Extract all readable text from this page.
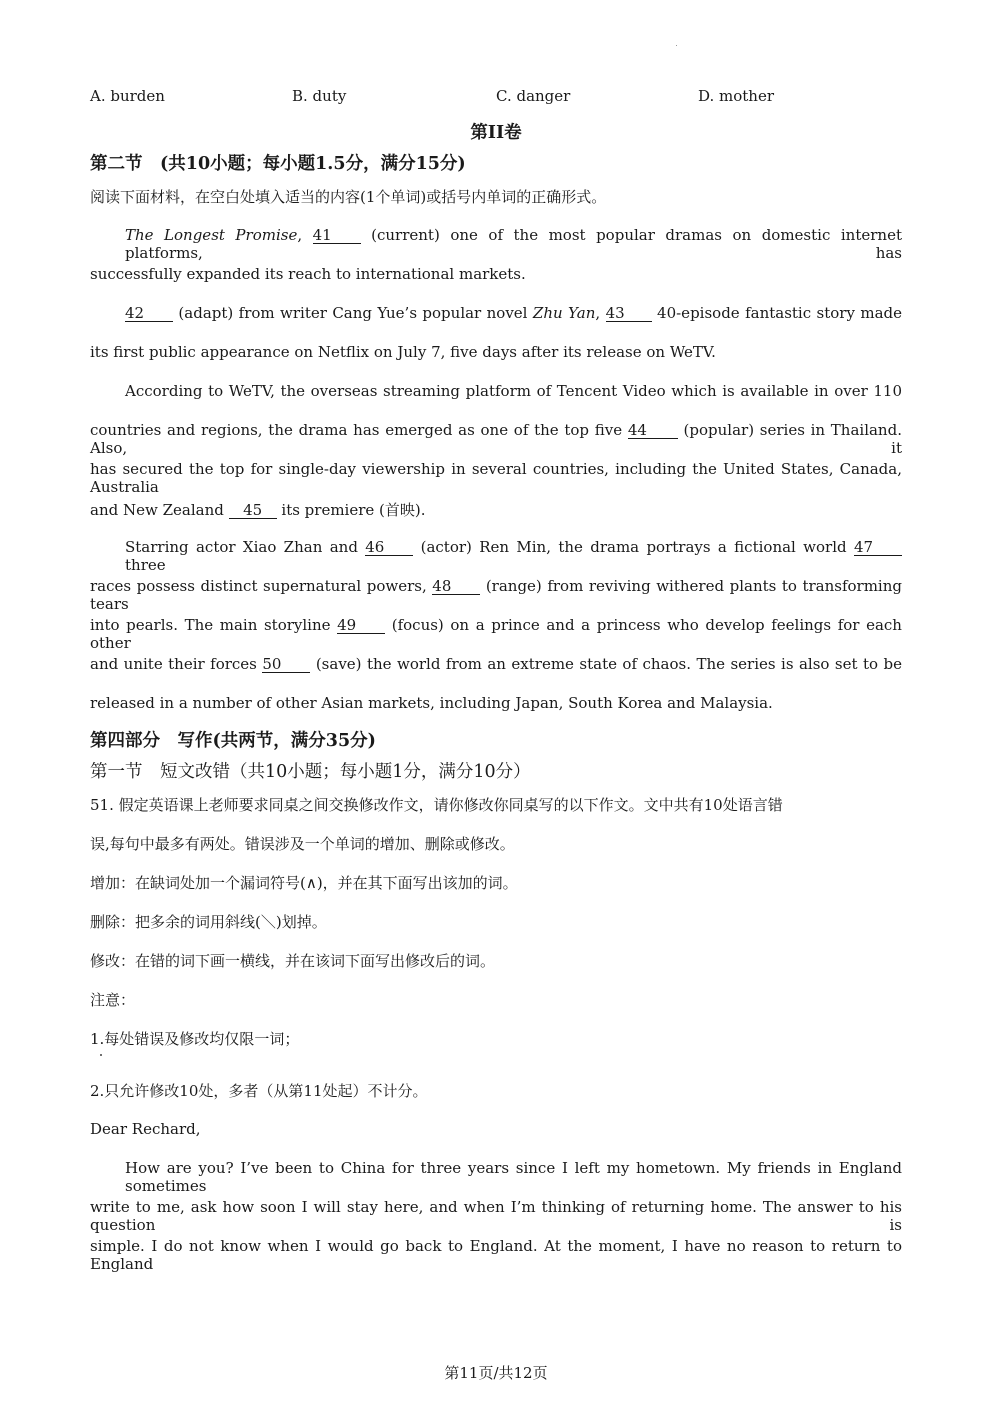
A. burden	B. duty	C. danger	D. mother
第II卷
第二节　(共10小题；每小题1.5分，满分15分)
阅读下面材料，在空白处填入适当的内容(1个单词)或括号内单词的正确形式。
The Longest Promise, 41	(current) one of the most popular dramas on domestic internet platforms, has
successfully expanded its reach to international markets.
42 (adapt) from writer Cang Yue’s popular novel Zhu Yan, 43 40-episode fantastic story made
its first public appearance on Netflix on July 7, five days after its release on WeTV.
According to WeTV, the overseas streaming platform of Tencent Video which is available in over 110
countries and regions, the drama has emerged as one of the top five 44 (popular) series in Thailand. Also, it
has secured the top for single-day viewership in several countries, including the United States, Canada, Australia
and New Zealand 45 its premiere (首映).
Starring actor Xiao Zhan and 46 (actor) Ren Min, the drama portrays a fictional world 47 three
races possess distinct supernatural powers, 48 (range) from reviving withered plants to transforming tears
into pearls. The main storyline 49 (focus) on a prince and a princess who develop feelings for each other
and unite their forces 50 (save) the world from an extreme state of chaos. The series is also set to be
released in a number of other Asian markets, including Japan, South Korea and Malaysia.
第四部分　写作(共两节，满分35分)
第一节　短文改错（共10小题；每小题1分，满分10分）
51. 假定英语课上老师要求同桌之间交换修改作文，请你修改你同桌写的以下作文。文中共有10处语言错
误,每句中最多有两处。错误涉及一个单词的增加、删除或修改。
增加：在缺词处加一个漏词符号(∧)，并在其下面写出该加的词。
删除：把多余的词用斜线(＼)划掉。
修改：在错的词下画一横线，并在该词下面写出修改后的词。
注意：
1.每处错误及修改均仅限一词；
2.只允许修改10处，多者（从第11处起）不计分。
Dear Rechard,
How are you? I’ve been to China for three years since I left my hometown. My friends in England sometimes
write to me, ask how soon I will stay here, and when I’m thinking of returning home. The answer to his question is
simple. I do not know when I would go back to England. At the moment, I have no reason to return to England
第11页/共12页
